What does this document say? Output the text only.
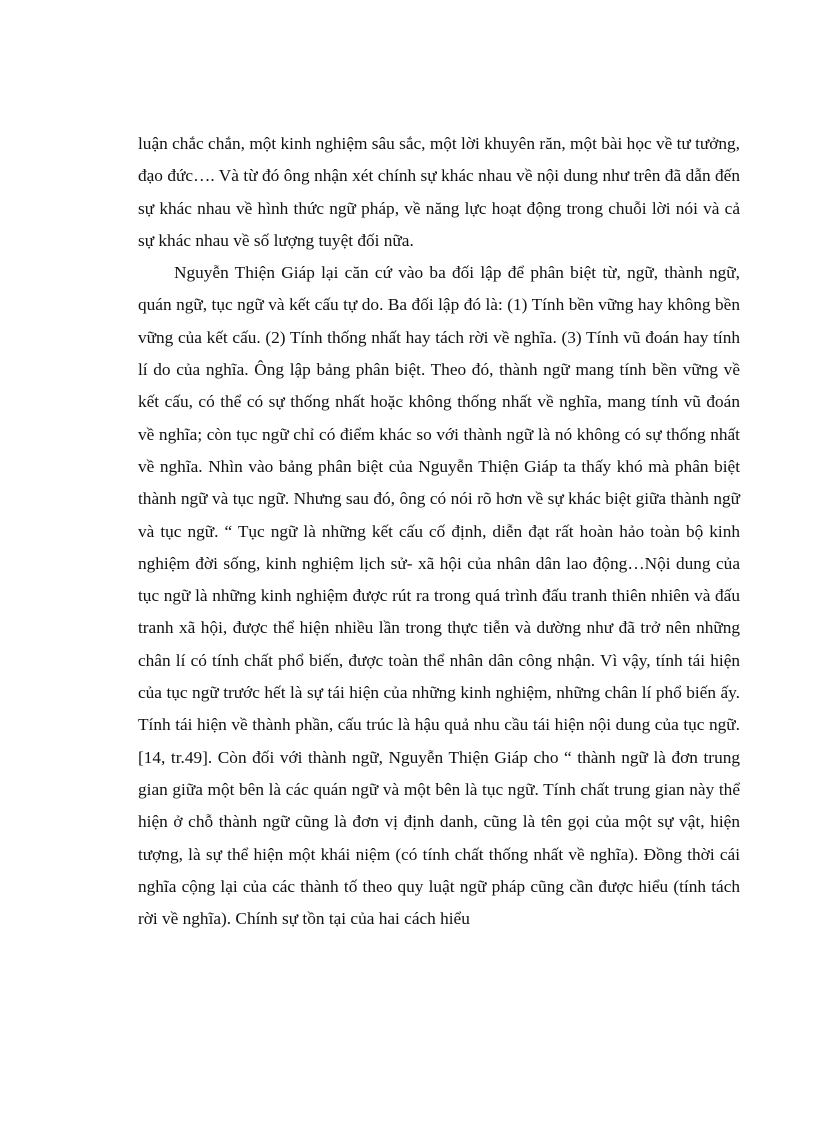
luận chắc chắn, một kinh nghiệm sâu sắc, một lời khuyên răn, một bài học về tư tưởng, đạo đức…. Và từ đó ông nhận xét chính sự khác nhau về nội dung như trên đã dẫn đến sự khác nhau về hình thức ngữ pháp, về năng lực hoạt động trong chuỗi lời nói và cả sự khác nhau về số lượng tuyệt đối nữa.

Nguyễn Thiện Giáp lại căn cứ vào ba đối lập để phân biệt từ, ngữ, thành ngữ, quán ngữ, tục ngữ và kết cấu tự do. Ba đối lập đó là: (1) Tính bền vững hay không bền vững của kết cấu. (2) Tính thống nhất hay tách rời về nghĩa. (3) Tính vũ đoán hay tính lí do của nghĩa. Ông lập bảng phân biệt. Theo đó, thành ngữ mang tính bền vững về kết cấu, có thể có sự thống nhất hoặc không thống nhất về nghĩa, mang tính vũ đoán về nghĩa; còn tục ngữ chỉ có điểm khác so với thành ngữ là nó không có sự thống nhất về nghĩa. Nhìn vào bảng phân biệt của Nguyễn Thiện Giáp ta thấy khó mà phân biệt thành ngữ và tục ngữ. Nhưng sau đó, ông có nói rõ hơn về sự khác biệt giữa thành ngữ và tục ngữ. “ Tục ngữ là những kết cấu cố định, diễn đạt rất hoàn hảo toàn bộ kinh nghiệm đời sống, kinh nghiệm lịch sử- xã hội của nhân dân lao động…Nội dung của tục ngữ là những kinh nghiệm được rút ra trong quá trình đấu tranh thiên nhiên và đấu tranh xã hội, được thể hiện nhiều lần trong thực tiễn và dường như đã trở nên những chân lí có tính chất phổ biến, được toàn thể nhân dân công nhận. Vì vậy, tính tái hiện của tục ngữ trước hết là sự tái hiện của những kinh nghiệm, những chân lí phổ biến ấy. Tính tái hiện về thành phần, cấu trúc là hậu quả nhu cầu tái hiện nội dung của tục ngữ. [14, tr.49]. Còn đối với thành ngữ, Nguyễn Thiện Giáp cho “ thành ngữ là đơn trung gian giữa một bên là các quán ngữ và một bên là tục ngữ. Tính chất trung gian này thể hiện ở chỗ thành ngữ cũng là đơn vị định danh, cũng là tên gọi của một sự vật, hiện tượng, là sự thể hiện một khái niệm (có tính chất thống nhất về nghĩa). Đồng thời cái nghĩa cộng lại của các thành tố theo quy luật ngữ pháp cũng cần được hiểu (tính tách rời về nghĩa). Chính sự tồn tại của hai cách hiểu
